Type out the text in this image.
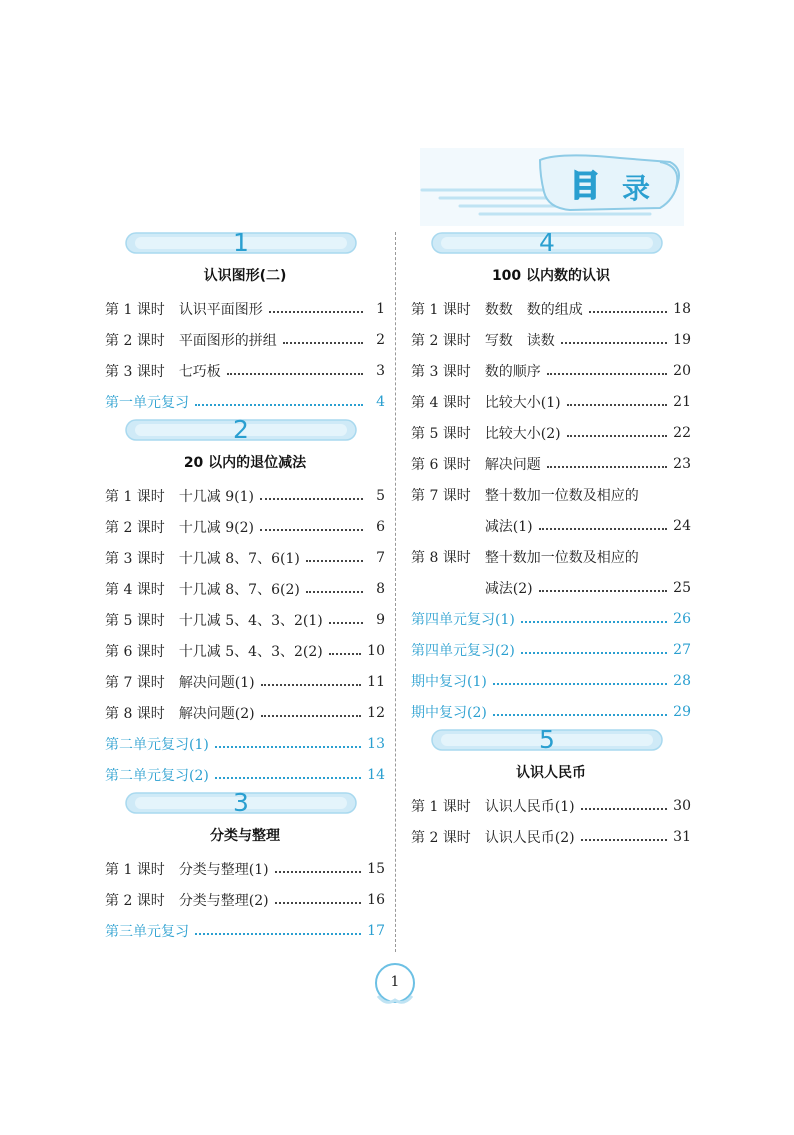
目 录
1
认识图形(二)
第 1 课时 认识平面图形	1
第 2 课时 平面图形的拼组	2
第 3 课时 七巧板	3
第一单元复习	4
2
20 以内的退位减法
第 1 课时 十几减 9(1)	5
第 2 课时 十几减 9(2)	6
第 3 课时 十几减 8、7、6(1)	7
第 4 课时 十几减 8、7、6(2)	8
第 5 课时 十几减 5、4、3、2(1)	9
第 6 课时 十几减 5、4、3、2(2)	10
第 7 课时 解决问题(1)	11
第 8 课时 解决问题(2)	12
第二单元复习(1)	13
第二单元复习(2)	14
3
分类与整理
第 1 课时 分类与整理(1)	15
第 2 课时 分类与整理(2)	16
第三单元复习	17
4
100 以内数的认识
第 1 课时 数数　数的组成	18
第 2 课时 写数　读数	19
第 3 课时 数的顺序	20
第 4 课时 比较大小(1)	21
第 5 课时 比较大小(2)	22
第 6 课时 解决问题	23
第 7 课时 整十数加一位数及相应的
减法(1)	24
第 8 课时 整十数加一位数及相应的
减法(2)	25
第四单元复习(1)	26
第四单元复习(2)	27
期中复习(1)	28
期中复习(2)	29
5
认识人民币
第 1 课时 认识人民币(1)	30
第 2 课时 认识人民币(2)	31
1
